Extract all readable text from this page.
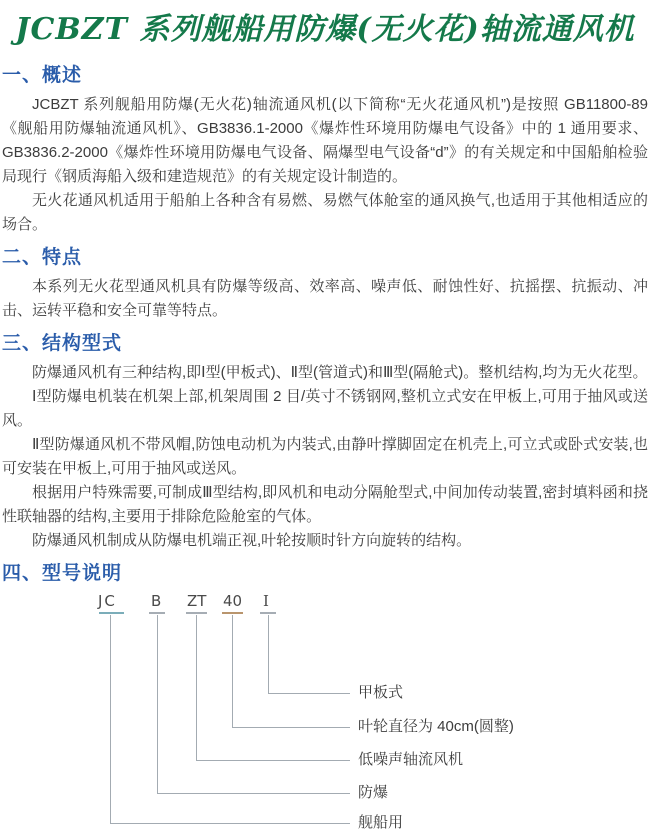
JCBZT 系列舰船用防爆(无火花)轴流通风机
一、概述

JCBZT 系列舰船用防爆(无火花)轴流通风机(以下简称“无火花通风机”)是按照 GB11800-89《舰船用防爆轴流通风机》、GB3836.1-2000《爆炸性环境用防爆电气设备》中的 1 通用要求、GB3836.2-2000《爆炸性环境用防爆电气设备、隔爆型电气设备“d”》的有关规定和中国船舶检验局现行《钢质海船入级和建造规范》的有关规定设计制造的。

无火花通风机适用于船舶上各种含有易燃、易燃气体舱室的通风换气,也适用于其他相适应的场合。

二、特点

本系列无火花型通风机具有防爆等级高、效率高、噪声低、耐蚀性好、抗摇摆、抗振动、冲击、运转平稳和安全可靠等特点。

三、结构型式

防爆通风机有三种结构,即Ⅰ型(甲板式)、Ⅱ型(管道式)和Ⅲ型(隔舱式)。整机结构,均为无火花型。

Ⅰ型防爆电机装在机架上部,机架周围 2 目/英寸不锈钢网,整机立式安在甲板上,可用于抽风或送风。

Ⅱ型防爆通风机不带风帽,防蚀电动机为内装式,由静叶撑脚固定在机壳上,可立式或卧式安装,也可安装在甲板上,可用于抽风或送风。

根据用户特殊需要,可制成Ⅲ型结构,即风机和电动分隔舱型式,中间加传动装置,密封填料函和挠性联轴器的结构,主要用于排除危险舱室的气体。

防爆通风机制成从防爆电机端正视,叶轮按顺时针方向旋转的结构。

四、型号说明
JC B ZT 40 Ⅰ
甲板式
叶轮直径为 40cm(圆整)
低噪声轴流风机
防爆
舰船用
